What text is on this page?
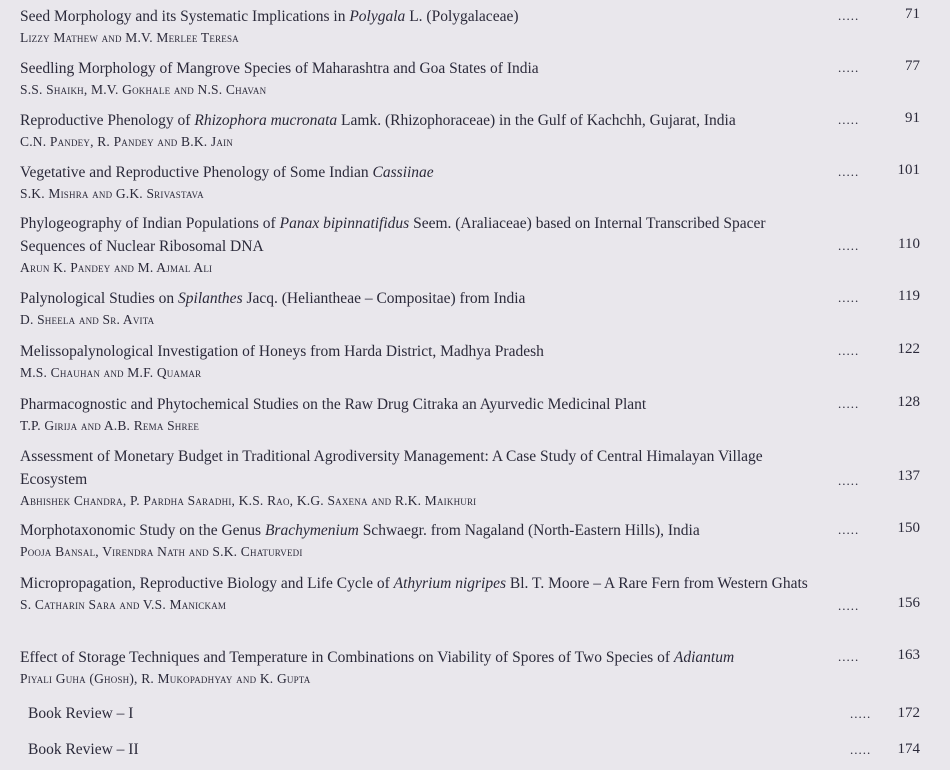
Seed Morphology and its Systematic Implications in Polygala L. (Polygalaceae)
Lizzy Mathew and M.V. Merlee Teresa
.....	71
Seedling Morphology of Mangrove Species of Maharashtra and Goa States of India
S.S. Shaikh, M.V. Gokhale and N.S. Chavan
.....	77
Reproductive Phenology of Rhizophora mucronata Lamk. (Rhizophoraceae) in the Gulf of Kachchh, Gujarat, India
C.N. Pandey, R. Pandey and B.K. Jain
.....	91
Vegetative and Reproductive Phenology of Some Indian Cassiinae
S.K. Mishra and G.K. Srivastava
.....	101
Phylogeography of Indian Populations of Panax bipinnatifidus Seem. (Araliaceae) based on Internal Transcribed Spacer Sequences of Nuclear Ribosomal DNA
Arun K. Pandey and M. Ajmal Ali
.....	110
Palynological Studies on Spilanthes Jacq. (Heliantheae – Compositae) from India
D. Sheela and Sr. Avita
.....	119
Melissopalynological Investigation of Honeys from Harda District, Madhya Pradesh
M.S. Chauhan and M.F. Quamar
.....	122
Pharmacognostic and Phytochemical Studies on the Raw Drug Citraka an Ayurvedic Medicinal Plant
T.P. Girija and A.B. Rema Shree
.....	128
Assessment of Monetary Budget in Traditional Agrodiversity Management: A Case Study of Central Himalayan Village Ecosystem
Abhishek Chandra, P. Pardha Saradhi, K.S. Rao, K.G. Saxena and R.K. Maikhuri
.....	137
Morphotaxonomic Study on the Genus Brachymenium Schwaegr. from Nagaland (North-Eastern Hills), India
Pooja Bansal, Virendra Nath and S.K. Chaturvedi
.....	150
Micropropagation, Reproductive Biology and Life Cycle of Athyrium nigripes Bl. T. Moore – A Rare Fern from Western Ghats
S. Catharin Sara and V.S. Manickam	.....	156
Effect of Storage Techniques and Temperature in Combinations on Viability of Spores of Two Species of Adiantum
Piyali Guha (Ghosh), R. Mukopadhyay and K. Gupta
.....	163
Book Review – I	.....	172
Book Review – II	.....	174
